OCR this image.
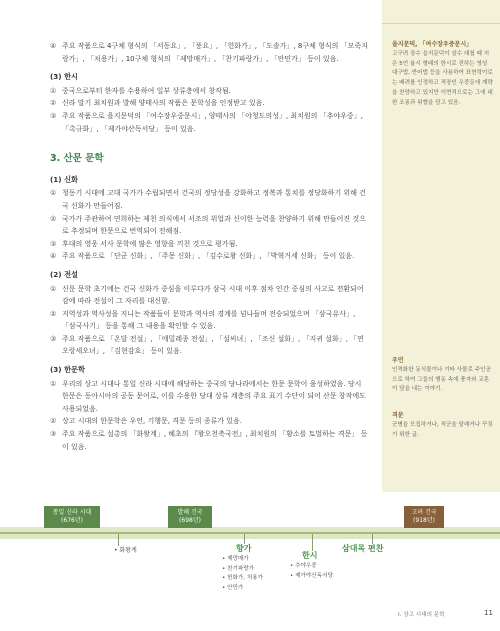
을지문덕, 「여수장우중문시」
고구려 장수 을지문덕이 살수 대첩 때 지은 5언 율시 형태의 한시로 전하는 영성 대구법, 반어법 등을 사용하여 표현력이로는 배려를 인정하고 적장인 우중문에 계략을 찬양하고 있지만 이면적으로는 그에 대한 조롱과 위협을 담고 있음.
우언
인격화한 동식물이나 기타 사물로 주인공으로 하여 그들의 행동 속에 풍자와 교훈이 담을 내는 이야기.
격문
군병을 모집하거나, 적군을 달래거나 꾸짖기 위한 글.
④ 주요 작품으로 4구체 형식의 「서동요」, 「풍요」, 「헌화가」, 「도솔가」, 8구체 형식의 「모죽지랑가」, 「처용가」, 10구체 형식의 「제망매가」, 「찬기파랑가」, 「안민가」 등이 있음.
(3) 한시
① 중국으로부터 한자를 수용하여 일부 상류층에서 창작됨.
② 신라 말기 최치원과 발해 양태사의 작품은 문학성을 인정받고 있음.
③ 주요 작품으로 을지문덕의 「여수장우중문시」, 양태사의 「야청도의성」, 최치원의 「추야우중」, 「촉규화」, 「제가야산독서당」 등이 있음.
3. 산문 문학
(1) 신화
① 청동기 시대에 고대 국가가 수립되면서 건국의 정당성을 강화하고 정복과 통치를 정당화하기 위해 건국 신화가 만들어짐.
② 국가가 주관하여 연희하는 제천 의식에서 서조의 위업과 신이한 능력을 찬양하기 위해 만들어진 것으로 추정되며 한문으로 번역되어 전해짐.
③ 후대의 영웅 서사 문학에 많은 영향을 끼친 것으로 평가됨.
④ 주요 작품으로 「단군 신화」, 「주몽 신화」, 「김수로왕 신화」, 「박혁거세 신화」 등이 있음.
(2) 전설
① 신문 문학 초기에는 건국 신화가 중심을 이루다가 삼국 시대 이후 점차 인간 중심의 사고로 전환되어 감에 따라 전설이 그 자리를 대신함.
② 지역성과 역사성을 지니는 작품들이 문학과 역사의 경계를 넘나들며 전승되었으며 「삼국유사」, 「삼국사기」 등을 통해 그 내용을 확인할 수 있음.
③ 주요 작품으로 「온달 전설」, 「에밀레종 전설」, 「설씨녀」, 「조신 설화」, 「지귀 설화」, 「연오랑세오녀」, 「김현감호」 등이 있음.
(3) 한문학
① 우리의 상고 시대나 통일 신라 시대에 해당하는 중국의 당나라에서는 한문 문학이 융성하였음. 당시 한문은 동아시아의 공동 문어로, 이를 수용한 당대 상류 계층의 주요 표기 수단이 되어 산문 창작에도 사용되었음.
② 상고 시대의 한문학은 우언, 기행문, 격문 등의 종류가 있음.
③ 주요 작품으로 설총의 「화왕계」, 혜초의 『왕오천축국전』, 최치원의 「황소를 토벌하는 격문」 등이 있음.
통일 신라 시대
(676년)
발해 건국
(698년)
고려 건국
(918년)
• 화왕계	향가
• 제망매가
• 찬기파랑가
• 헌화가, 처용가
• 안민가
한시
• 추야우중
• 제가야산독서당
삼대목 편찬
Ⅰ. 상고 시대의 문학	11
